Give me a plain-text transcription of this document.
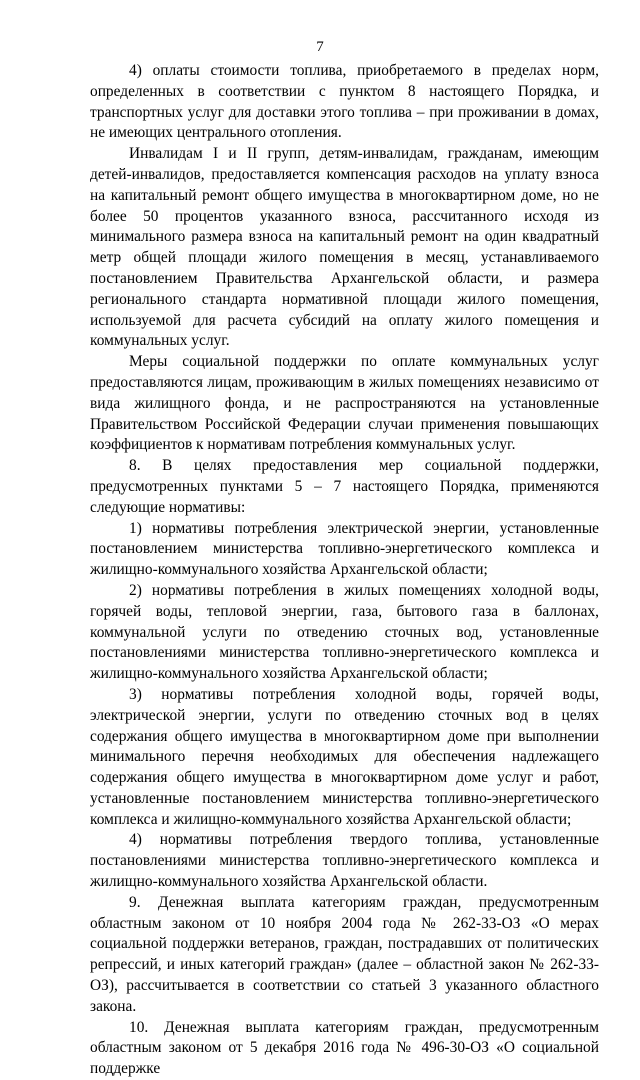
7

4) оплаты стоимости топлива, приобретаемого в пределах норм, определенных в соответствии с пунктом 8 настоящего Порядка, и транспортных услуг для доставки этого топлива – при проживании в домах, не имеющих центрального отопления.

Инвалидам I и II групп, детям-инвалидам, гражданам, имеющим детей-инвалидов, предоставляется компенсация расходов на уплату взноса на капитальный ремонт общего имущества в многоквартирном доме, но не более 50 процентов указанного взноса, рассчитанного исходя из минимального размера взноса на капитальный ремонт на один квадратный метр общей площади жилого помещения в месяц, устанавливаемого постановлением Правительства Архангельской области, и размера регионального стандарта нормативной площади жилого помещения, используемой для расчета субсидий на оплату жилого помещения и коммунальных услуг.

Меры социальной поддержки по оплате коммунальных услуг предоставляются лицам, проживающим в жилых помещениях независимо от вида жилищного фонда, и не распространяются на установленные Правительством Российской Федерации случаи применения повышающих коэффициентов к нормативам потребления коммунальных услуг.

8. В целях предоставления мер социальной поддержки, предусмотренных пунктами 5 – 7 настоящего Порядка, применяются следующие нормативы:

1) нормативы потребления электрической энергии, установленные постановлением министерства топливно-энергетического комплекса и жилищно-коммунального хозяйства Архангельской области;

2) нормативы потребления в жилых помещениях холодной воды, горячей воды, тепловой энергии, газа, бытового газа в баллонах, коммунальной услуги по отведению сточных вод, установленные постановлениями министерства топливно-энергетического комплекса и жилищно-коммунального хозяйства Архангельской области;

3) нормативы потребления холодной воды, горячей воды, электрической энергии, услуги по отведению сточных вод в целях содержания общего имущества в многоквартирном доме при выполнении минимального перечня необходимых для обеспечения надлежащего содержания общего имущества в многоквартирном доме услуг и работ, установленные постановлением министерства топливно-энергетического комплекса и жилищно-коммунального хозяйства Архангельской области;

4) нормативы потребления твердого топлива, установленные постановлениями министерства топливно-энергетического комплекса и жилищно-коммунального хозяйства Архангельской области.

9. Денежная выплата категориям граждан, предусмотренным областным законом от 10 ноября 2004 года № 262-33-ОЗ «О мерах социальной поддержки ветеранов, граждан, пострадавших от политических репрессий, и иных категорий граждан» (далее – областной закон № 262-33-ОЗ), рассчитывается в соответствии со статьей 3 указанного областного закона.

10. Денежная выплата категориям граждан, предусмотренным областным законом от 5 декабря 2016 года № 496-30-ОЗ «О социальной поддержке
